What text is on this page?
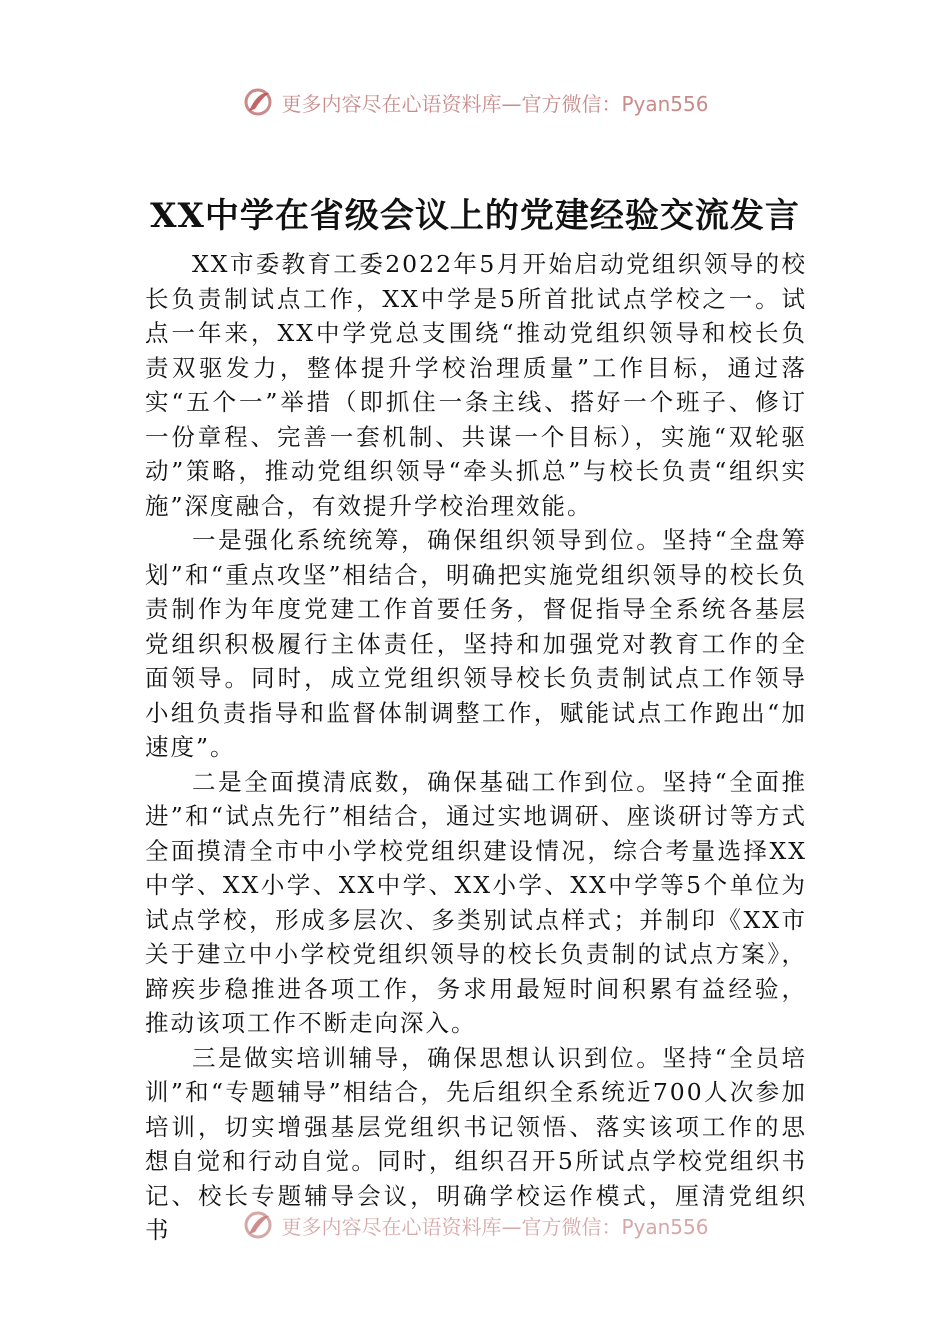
更多内容尽在心语资料库—官方微信：Pyan556
XX中学在省级会议上的党建经验交流发言

XX市委教育工委2022年5月开始启动党组织领导的校长负责制试点工作，XX中学是5所首批试点学校之一。试点一年来，XX中学党总支围绕“推动党组织领导和校长负责双驱发力，整体提升学校治理质量”工作目标，通过落实“五个一”举措（即抓住一条主线、搭好一个班子、修订一份章程、完善一套机制、共谋一个目标），实施“双轮驱动”策略，推动党组织领导“牵头抓总”与校长负责“组织实施”深度融合，有效提升学校治理效能。

一是强化系统统筹，确保组织领导到位。坚持“全盘筹划”和“重点攻坚”相结合，明确把实施党组织领导的校长负责制作为年度党建工作首要任务，督促指导全系统各基层党组织积极履行主体责任，坚持和加强党对教育工作的全面领导。同时，成立党组织领导校长负责制试点工作领导小组负责指导和监督体制调整工作，赋能试点工作跑出“加速度”。

二是全面摸清底数，确保基础工作到位。坚持“全面推进”和“试点先行”相结合，通过实地调研、座谈研讨等方式全面摸清全市中小学校党组织建设情况，综合考量选择XX中学、XX小学、XX中学、XX小学、XX中学等5个单位为试点学校，形成多层次、多类别试点样式；并制印《XX市关于建立中小学校党组织领导的校长负责制的试点方案》，蹄疾步稳推进各项工作，务求用最短时间积累有益经验，推动该项工作不断走向深入。

三是做实培训辅导，确保思想认识到位。坚持“全员培训”和“专题辅导”相结合，先后组织全系统近700人次参加培训，切实增强基层党组织书记领悟、落实该项工作的思想自觉和行动自觉。同时，组织召开5所试点学校党组织书记、校长专题辅导会议，明确学校运作模式，厘清党组织书	更多内容尽在心语资料库—官方微信：Pyan556
